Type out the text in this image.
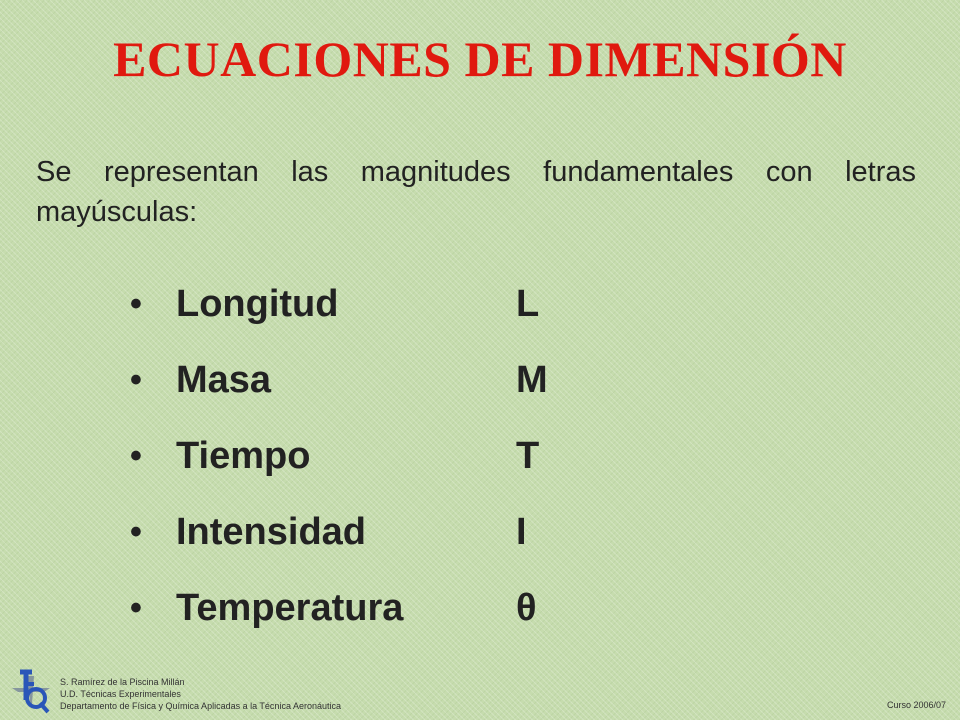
ECUACIONES DE DIMENSIÓN

Se representan las magnitudes fundamentales con letras mayúsculas:

• Longitud	L
• Masa	M
• Tiempo	T
• Intensidad	I
• Temperatura	θ
S. Ramírez de la Piscina Millán
U.D. Técnicas Experimentales
Departamento de Física y Química Aplicadas a la Técnica Aeronáutica	Curso 2006/07
